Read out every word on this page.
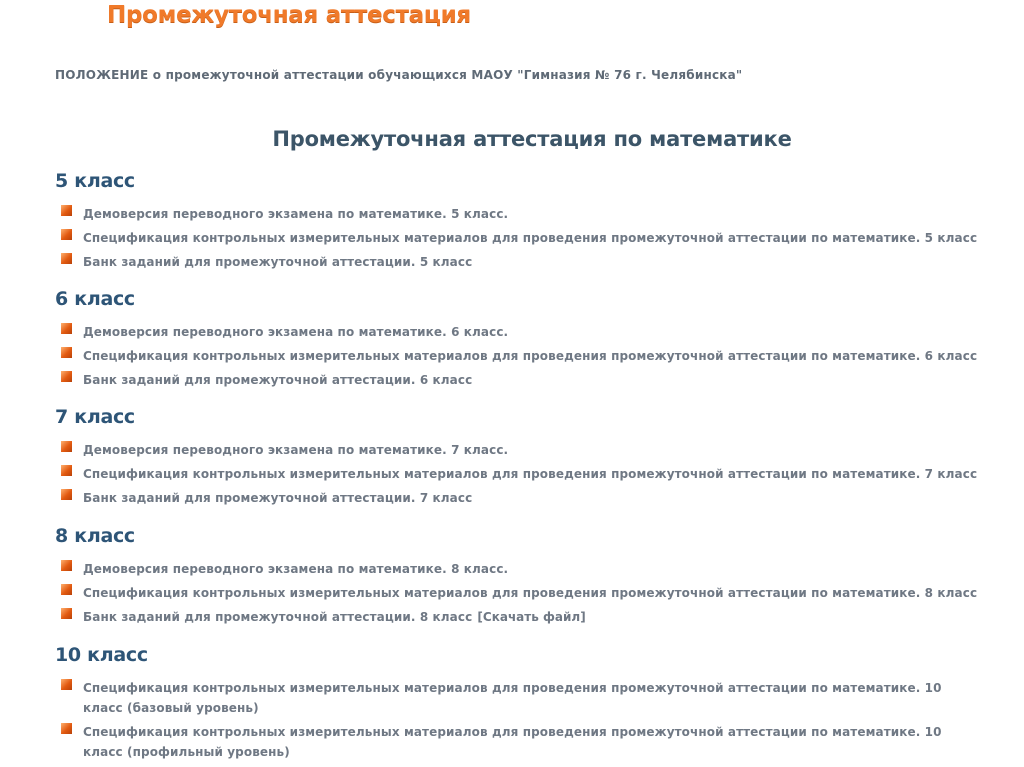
Промежуточная аттестация
ПОЛОЖЕНИЕ о промежуточной аттестации обучающихся МАОУ "Гимназия № 76 г. Челябинска"
Промежуточная аттестация по математике
5 класс
Демоверсия переводного экзамена по математике. 5 класс.
Спецификация контрольных измерительных материалов для проведения промежуточной аттестации по математике. 5 класс
Банк заданий для промежуточной аттестации. 5 класс
6 класс
Демоверсия переводного экзамена по математике. 6 класс.
Спецификация контрольных измерительных материалов для проведения промежуточной аттестации по математике. 6 класс
Банк заданий для промежуточной аттестации. 6 класс
7 класс
Демоверсия переводного экзамена по математике. 7 класс.
Спецификация контрольных измерительных материалов для проведения промежуточной аттестации по математике. 7 класс
Банк заданий для промежуточной аттестации. 7 класс
8 класс
Демоверсия переводного экзамена по математике. 8 класс.
Спецификация контрольных измерительных материалов для проведения промежуточной аттестации по математике. 8 класс
Банк заданий для промежуточной аттестации. 8 класс [Скачать файл]
10 класс
Спецификация контрольных измерительных материалов для проведения промежуточной аттестации по математике. 10 класс (базовый уровень)
Спецификация контрольных измерительных материалов для проведения промежуточной аттестации по математике. 10 класс (профильный уровень)
